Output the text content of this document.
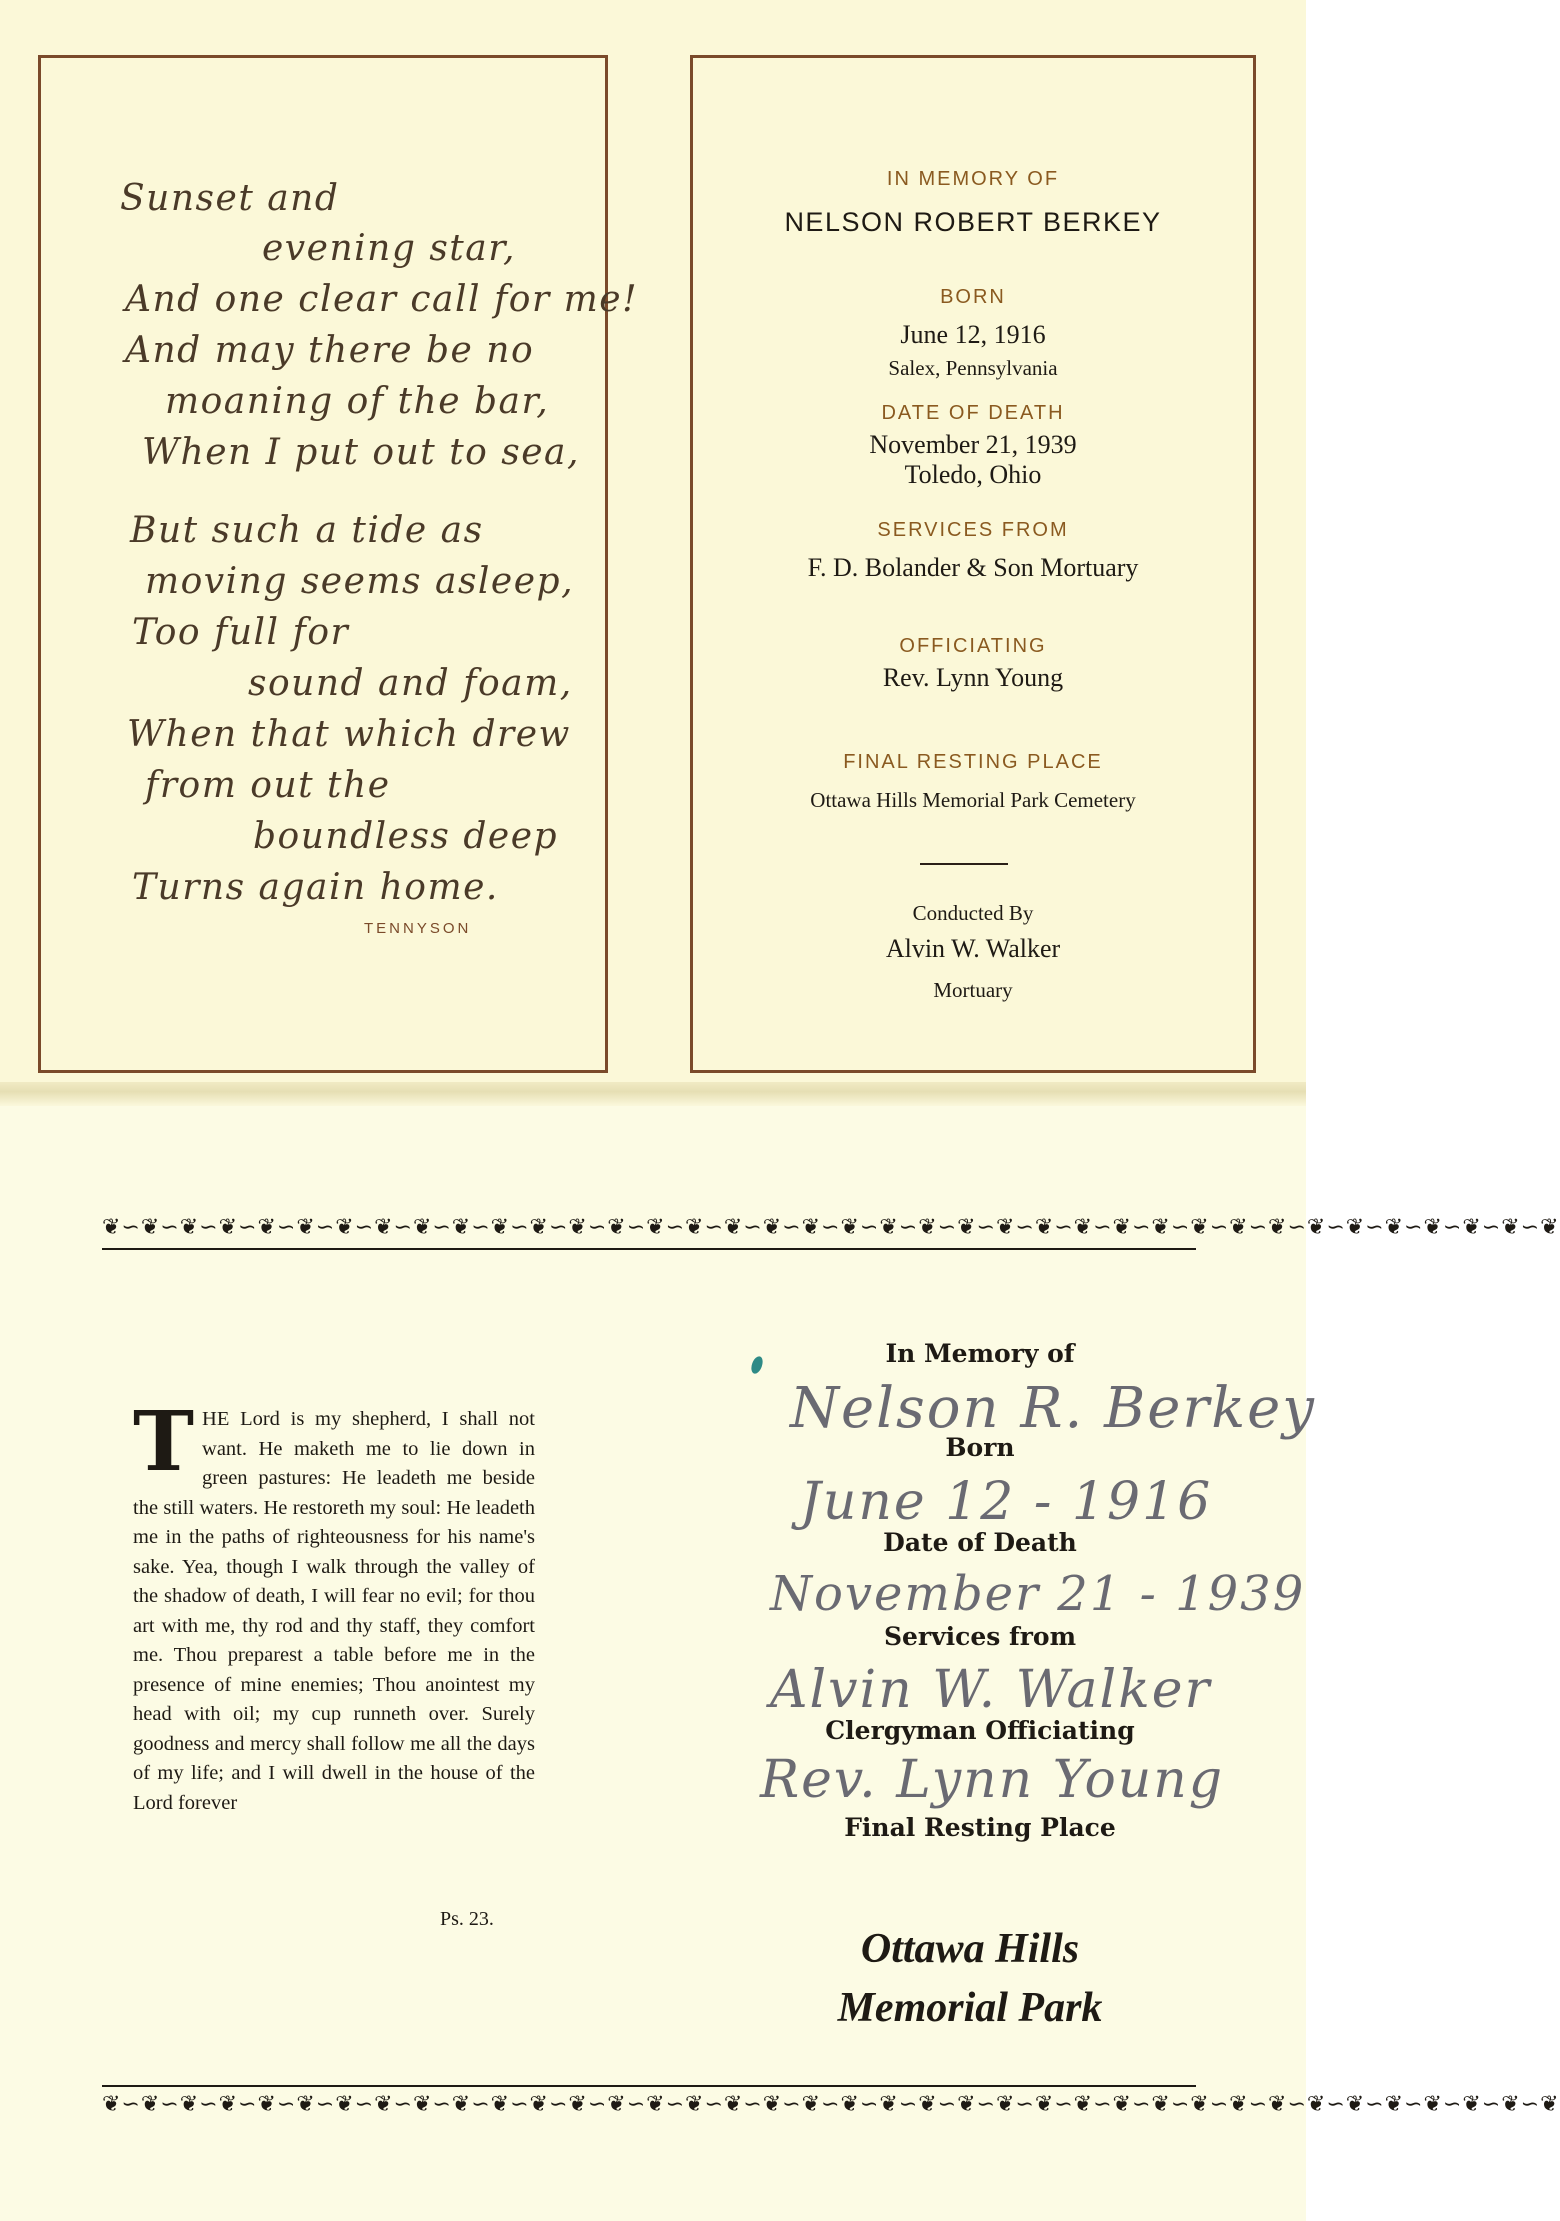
Sunset and
evening star,
And one clear call for me!
And may there be no
moaning of the bar,
When I put out to sea,
But such a tide as
moving seems asleep,
Too full for
sound and foam,
When that which drew
from out the
boundless deep
Turns again home.
TENNYSON
IN MEMORY OF
NELSON ROBERT BERKEY
BORN
June 12, 1916
Salex, Pennsylvania
DATE OF DEATH
November 21, 1939
Toledo, Ohio
SERVICES FROM
F. D. Bolander & Son Mortuary
OFFICIATING
Rev. Lynn Young
FINAL RESTING PLACE
Ottawa Hills Memorial Park Cemetery
Conducted By
Alvin W. Walker
Mortuary
❦∽❦∽❦∽❦∽❦∽❦∽❦∽❦∽❦∽❦∽❦∽❦∽❦∽❦∽❦∽❦∽❦∽❦∽❦∽❦∽❦∽❦∽❦∽❦∽❦∽❦∽❦∽❦∽❦∽❦∽❦∽❦∽❦∽❦∽❦∽❦∽❦∽❦
❦∽❦∽❦∽❦∽❦∽❦∽❦∽❦∽❦∽❦∽❦∽❦∽❦∽❦∽❦∽❦∽❦∽❦∽❦∽❦∽❦∽❦∽❦∽❦∽❦∽❦∽❦∽❦∽❦∽❦∽❦∽❦∽❦∽❦∽❦∽❦∽❦∽❦
THE Lord is my shepherd, I shall not want. He maketh me to lie down in green pastures: He leadeth me beside the still waters. He restoreth my soul: He leadeth me in the paths of righteousness for his name's sake. Yea, though I walk through the valley of the shadow of death, I will fear no evil; for thou art with me, thy rod and thy staff, they comfort me. Thou preparest a table before me in the presence of mine enemies; Thou anointest my head with oil; my cup runneth over. Surely goodness and mercy shall follow me all the days of my life; and I will dwell in the house of the Lord forever
Ps. 23.
In Memory of
Nelson R. Berkey
Born
June 12 - 1916
Date of Death
November 21 - 1939
Services from
Alvin W. Walker
Clergyman Officiating
Rev. Lynn Young
Final Resting Place
Ottawa Hills
Memorial Park
